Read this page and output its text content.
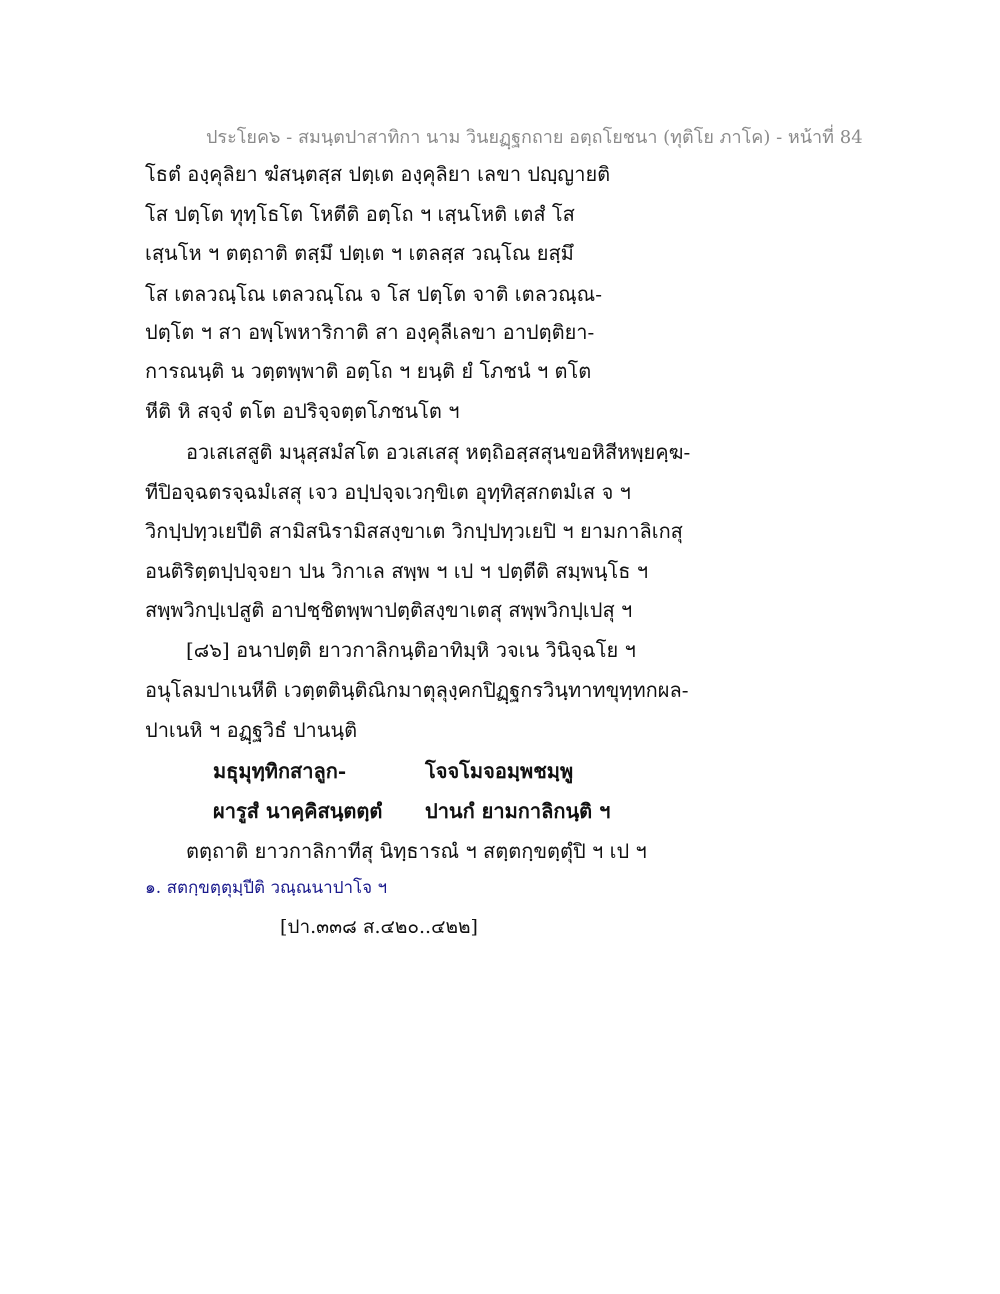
ประโยค๖ - สมนฺตปาสาทิกา นาม วินยฏฺฐกถาย อตฺถโยชนา (ทุติโย ภาโค) - หน้าที่ 84
โธตํ องฺคุลิยา ฆํสนฺตสฺส ปตฺเต องฺคุลิยา เลขา ปญฺญายติ
โส ปตฺโต ทุทฺโธโต โหตีติ อตฺโถ ฯ เสฺนโหติ เตสํ โส
เสฺนโห ฯ ตตฺถาติ ตสฺมึ ปตฺเต ฯ เตลสฺส วณฺโณ ยสฺมึ
โส เตลวณฺโณ เตลวณฺโณ จ โส ปตฺโต จาติ เตลวณฺณ-
ปตฺโต ฯ สา อพฺโพหาริกาติ สา องฺคุลีเลขา อาปตฺติยา-
การณนฺติ น วตฺตพฺพาติ อตฺโถ ฯ ยนฺติ ยํ โภชนํ ฯ ตโต
หีติ หิ สจฺจํ ตโต อปริจฺจตฺตโภชนโต ฯ
อวเสเสสูติ มนุสฺสมํสโต อวเสเสสุ หตฺถิอสฺสสุนขอหิสีหพฺยคฺฆ-
ทีปิอจฺฉตรจฺฉมํเสสุ เจว อปฺปจฺจเวกฺขิเต อุทฺทิสฺสกตมํเส จ ฯ
วิกปฺปทฺวเยปีติ สามิสนิรามิสสงฺขาเต วิกปฺปทฺวเยปิ ฯ ยามกาลิเกสุ
อนติริตฺตปฺปจฺจยา ปน วิกาเล สพฺพ ฯ เป ฯ ปตฺตีติ สมฺพนฺโธ ฯ
สพฺพวิกปฺเปสูติ อาปชฺชิตพฺพาปตฺติสงฺขาเตสุ สพฺพวิกปฺเปสุ ฯ
[๘๖] อนาปตฺติ ยาวกาลิกนฺติอาทิมฺหิ วจเน วินิจฺฉโย ฯ
อนุโลมปาเนหีติ เวตฺตตินฺติณิกมาตุลุงฺคกปิฏฺฐกรวินฺทาทขุทฺทกผล-
ปาเนหิ ฯ อฏฺฐวิธํ ปานนฺติ
มธุมุทฺทิกสาลูก-	โจจโมจอมฺพชมฺพู
ผารูสํ นาคฺคิสนฺตตฺตํ ปานกํ ยามกาลิกนฺติ ฯ
ตตฺถาติ ยาวกาลิกาทีสุ นิทฺธารณํ ฯ สตฺตกฺขตฺตุํปิ ฯ เป ฯ
๑. สตกฺขตฺตุมฺปีติ วณฺณนาปาโจ ฯ
[ปา.๓๓๘ ส.๔๒๐..๔๒๒]
